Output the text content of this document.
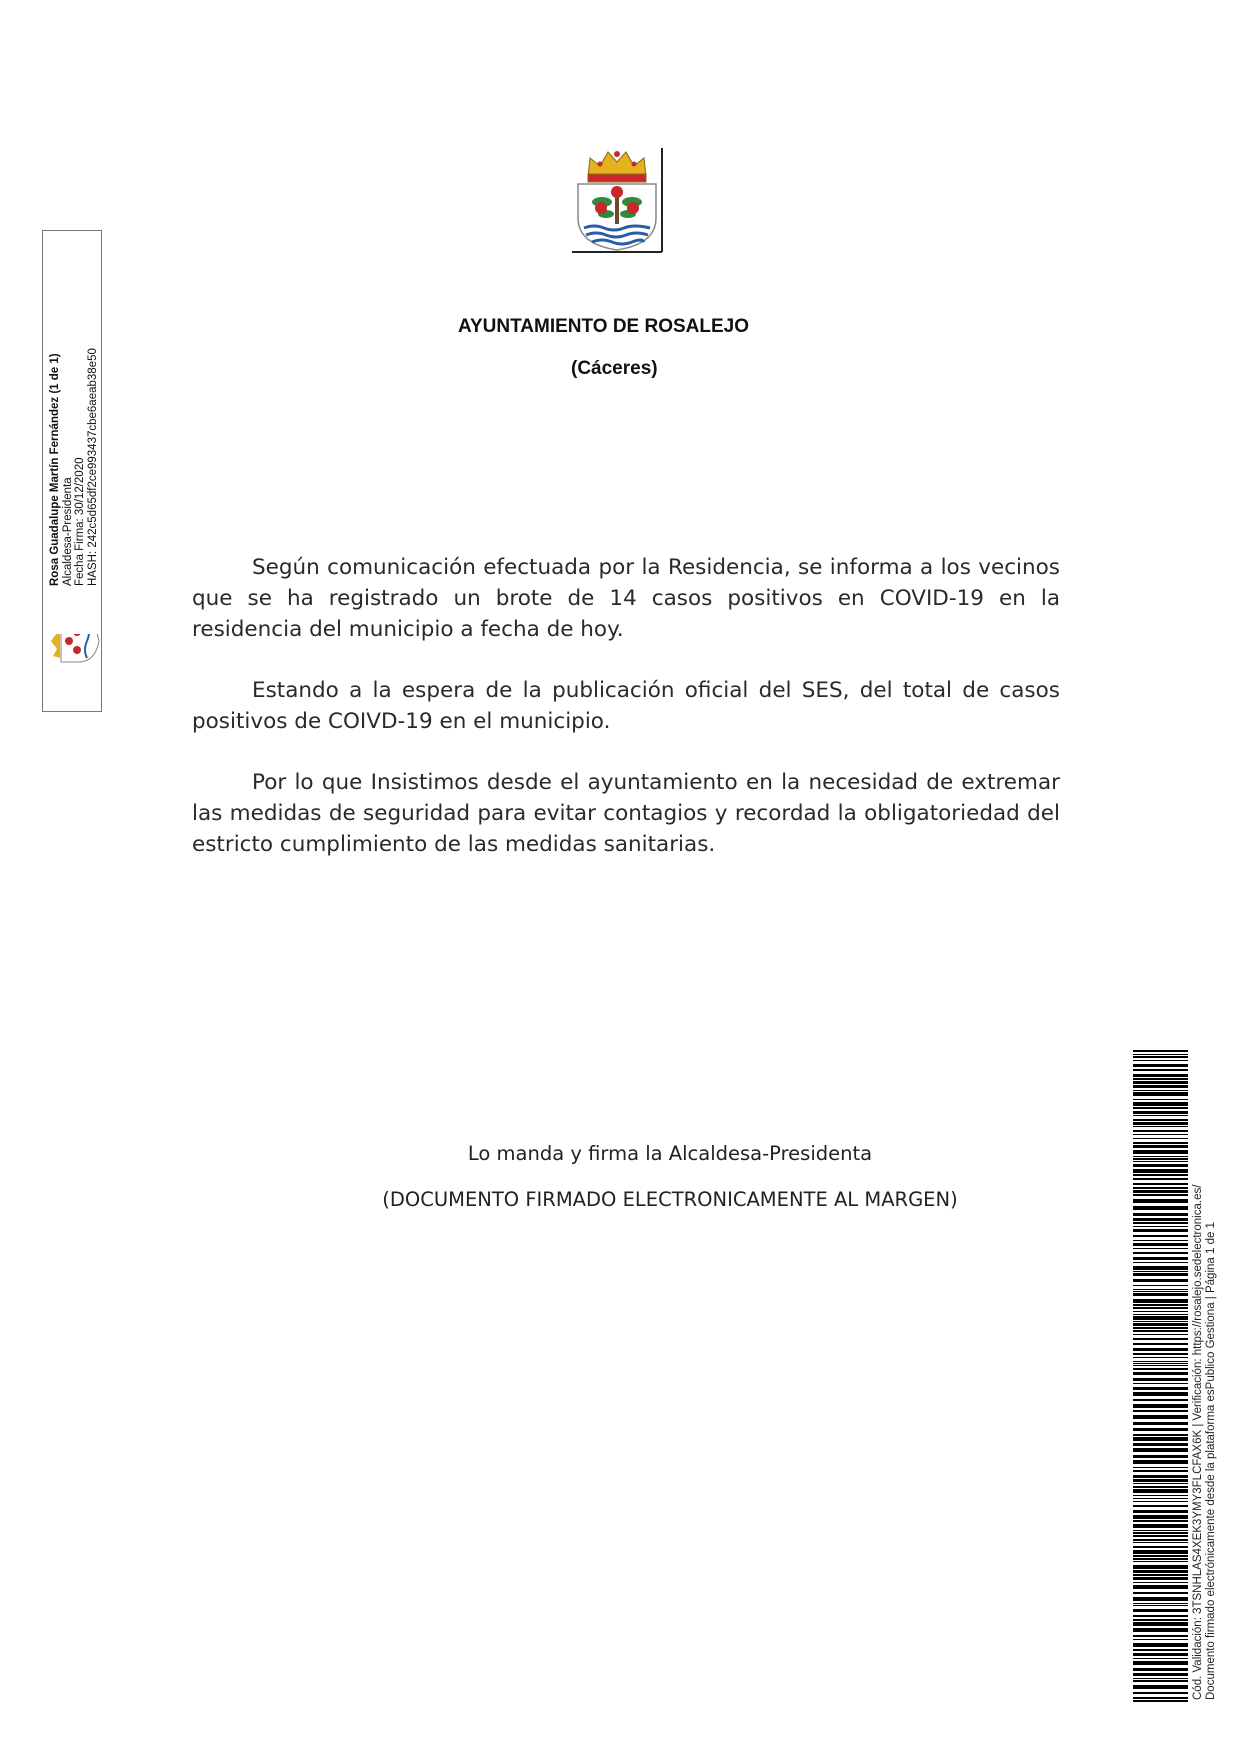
AYUNTAMIENTO DE ROSALEJO
(Cáceres)

Según comunicación efectuada por la Residencia, se informa a los vecinos que se ha registrado un brote de 14 casos positivos en COVID-19 en la residencia del municipio a fecha de hoy.

Estando a la espera de la publicación oficial del SES, del total de casos positivos de COIVD-19 en el municipio.

Por lo que Insistimos desde el ayuntamiento en la necesidad de extremar las medidas de seguridad para evitar contagios y recordad la obligatoriedad del estricto cumplimiento de las medidas sanitarias.

Lo manda y firma la Alcaldesa-Presidenta
(DOCUMENTO FIRMADO ELECTRONICAMENTE AL MARGEN)
Rosa Guadalupe Martín Fernández (1 de 1) Alcaldesa-Presidenta Fecha Firma: 30/12/2020 HASH: 242c5d65df2ce993437cbe6aeab38e50
Cód. Validación: 3TSNHLAS4XEK3YMY3FLCFAX6K | Verificación: https://rosalejo.sedelectronica.es/ Documento firmado electrónicamente desde la plataforma esPublico Gestiona | Página 1 de 1
